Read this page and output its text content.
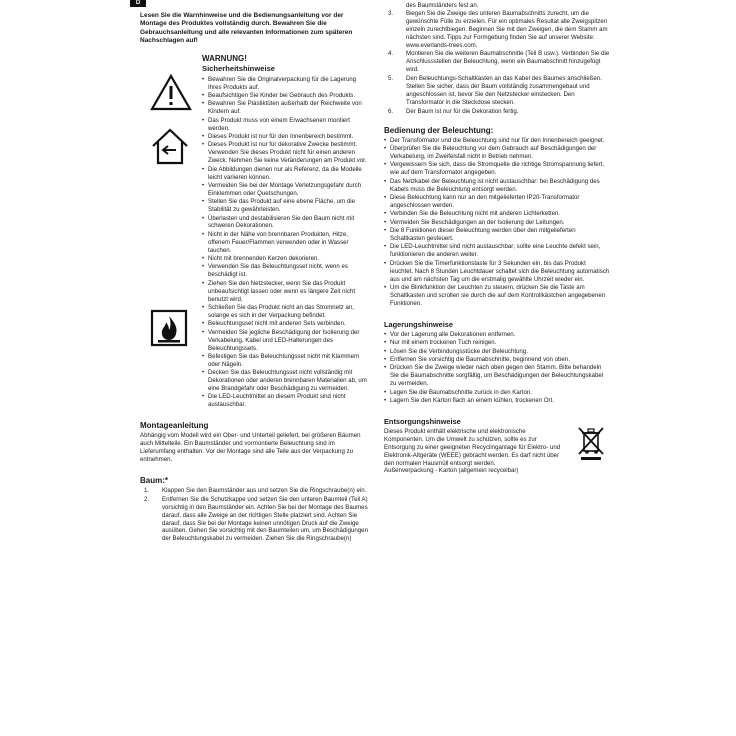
D

Lesen Sie die Warnhinweise und die Bedienungsanleitung vor der Montage des Produktes vollständig durch. Bewahren Sie die Gebrauchsanleitung und alle relevanten Informationen zum späteren Nachschlagen auf!

WARNUNG!
Sicherheitshinweise
• Bewahren Sie die Originalverpackung für die Lagerung Ihres Produkts auf.
• Beaufsichtigen Sie Kinder bei Gebrauch des Produkts.
• Bewahren Sie Plastiktüten außerhalb der Reichweite von Kindern auf.
• Das Produkt muss von einem Erwachsenen montiert werden.
• Dieses Produkt ist nur für den Innenbereich bestimmt.
• Dieses Produkt ist nur für dekorative Zwecke bestimmt. Verwenden Sie dieses Produkt nicht für einen anderen Zweck. Nehmen Sie keine Veränderungen am Produkt vor.
• Die Abbildungen dienen nur als Referenz, da die Modelle leicht variieren können.
• Vermeiden Sie bei der Montage Verletzungsgefahr durch Einklemmen oder Quetschungen.
• Stellen Sie das Produkt auf eine ebene Fläche, um die Stabilität zu gewährleisten.
• Überlasten und destabilisieren Sie den Baum nicht mit schweren Dekorationen.
• Nicht in der Nähe von brennbaren Produkten, Hitze, offenem Feuer/Flammen verwenden oder in Wasser tauchen.
• Nicht mit brennenden Kerzen dekorieren.
• Verwenden Sie das Beleuchtungsset nicht, wenn es beschädigt ist.
• Ziehen Sie den Netzstecker, wenn Sie das Produkt unbeaufsichtigt lassen oder wenn es längere Zeit nicht benutzt wird.
• Schließen Sie das Produkt nicht an das Stromnetz an, solange es sich in der Verpackung befindet.
• Beleuchtungsset nicht mit anderen Sets verbinden.
• Vermeiden Sie jegliche Beschädigung der Isolierung der Verkabelung, Kabel und LED-Halterungen des Beleuchtungssets.
• Befestigen Sie das Beleuchtungsset nicht mit Klammern oder Nägeln.
• Decken Sie das Beleuchtungsset nicht vollständig mit Dekorationen oder anderen brennbaren Materialien ab, um eine Brandgefahr oder Beschädigung zu vermeiden.
• Die LED-Leuchtmittel an diesem Produkt sind nicht austauschbar.
Montageanleitung

Abhängig vom Modell wird ein Ober- und Unterteil geliefert, bei größeren Bäumen auch Mittelteile. Ein Baumständer und vormontierte Beleuchtung sind im Lieferumfang enthalten. Vor der Montage sind alle Teile aus der Verpackung zu entnehmen.

Baum:*
1. Klappen Sie den Baumständer aus und setzen Sie die Ringschraube(n) ein.
2. Entfernen Sie die Schutzkappe und setzen Sie den unteren Baumteil (Teil A) vorsichtig in den Baumständer ein. Achten Sie bei der Montage des Baumes darauf, dass alle Zweige an der richtigen Stelle platziert sind. Achten Sie darauf, dass Sie bei der Montage keinen unnötigen Druck auf die Zweige ausüben. Gehen Sie vorsichtig mit den Baumteilen um, um Beschädigungen der Beleuchtungskabel zu vermeiden. Ziehen Sie die Ringschraube(n)

des Baumständers fest an.

3. Biegen Sie die Zweige des unteren Baumabschnitts zurecht, um die gewünschte Fülle zu erzielen. Für ein optimales Resultat alle Zweigspitzen einzeln zurechtbiegen. Beginnen Sie mit den Zweigen, die dem Stamm am nächsten sind. Tipps zur Formgebung finden Sie auf unserer Website: www.everlands-trees.com.
4. Montieren Sie die weiteren Baumabschnitte (Teil B usw.). Verbinden Sie die Anschlussstellen der Beleuchtung, wenn ein Baumabschnitt hinzugefügt wird.
5. Den Beleuchtungs-Schaltkasten an das Kabel des Baumes anschließen. Stellen Sie sicher, dass der Baum vollständig zusammengebaut und angeschlossen ist, bevor Sie den Netzstecker einstecken. Den Transformator in die Steckdose stecken.
6. Der Baum ist nur für die Dekoration fertig.
Bedienung der Beleuchtung:
• Der Transformator und die Beleuchtung sind nur für den Innenbereich geeignet.
• Überprüfen Sie die Beleuchtung vor dem Gebrauch auf Beschädigungen der Verkabelung, im Zweifelsfall nicht in Betrieb nehmen.
• Vergewissern Sie sich, dass die Stromquelle die richtige Stromspannung liefert, wie auf dem Transformator angegeben.
• Das Netzkabel der Beleuchtung ist nicht austauschbar: bei Beschädigung des Kabels muss die Beleuchtung entsorgt werden.
• Diese Beleuchtung kann nur an den mitgelieferten IP20-Transformator angeschlossen werden.
• Verbinden Sie die Beleuchtung nicht mit anderen Lichterketten.
• Vermeiden Sie Beschädigungen an der Isolierung der Leitungen.
• Die 8 Funktionen dieser Beleuchtung werden über den mitgelieferten Schaltkasten gesteuert.
• Die LED-Leuchtmittel sind nicht austauschbar; sollte eine Leuchte defekt sein, funktionieren die anderen weiter.
• Drücken Sie die Timerfunktionstaste für 3 Sekunden ein, bis das Produkt leuchtet. Nach 8 Stunden Leuchtdauer schaltet sich die Beleuchtung automatisch aus und am nächsten Tag um die erstmalig gewählte Uhrzeit wieder ein.
• Um die Blinkfunktion der Leuchten zu steuern, drücken Sie die Taste am Schaltkasten und scrollen sie durch die auf dem Kontrollkästchen angegebenen Funktionen.
Lagerungshinweise
• Vor der Lagerung alle Dekorationen entfernen.
• Nur mit einem trockenen Tuch reinigen.
• Lösen Sie die Verbindungsstücke der Beleuchtung.
• Entfernen Sie vorsichtig die Baumabschnitte, beginnend von oben.
• Drücken Sie die Zweige wieder nach oben gegen den Stamm. Bitte behandeln Sie die Baumabschnitte sorgfältig, um Beschädigungen der Beleuchtungskabel zu vermeiden.
• Legen Sie die Baumabschnitte zurück in den Karton.
• Lagern Sie den Karton flach an einem kühlen, trockenen Ort.
Entsorgungshinweise

Dieses Produkt enthält elektrische und elektronische Komponenten. Um die Umwelt zu schützen, sollte es zur Entsorgung zu einer geeigneten Recyclinganlage für Elektro- und Elektronik-Altgeräte (WEEE) gebracht werden. Es darf nicht über den normalen Hausmüll entsorgt werden.

Außenverpackung - Karton (allgemein recycelbar)
